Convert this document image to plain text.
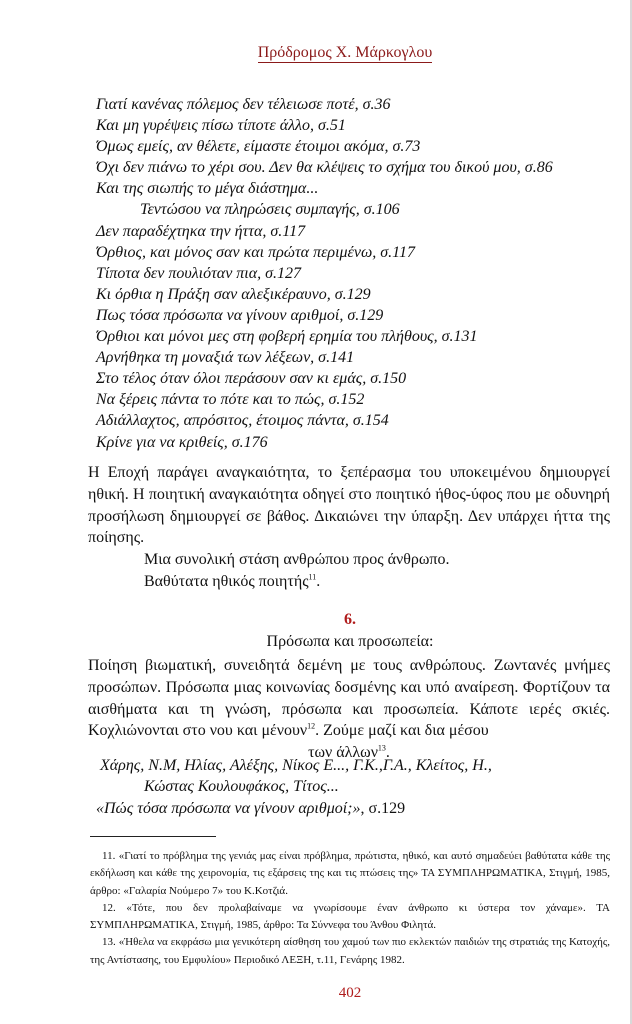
Πρόδρομος Χ. Μάρκογλου
Γιατί κανένας πόλεμος δεν τέλειωσε ποτέ, σ.36
Και μη γυρέψεις πίσω τίποτε άλλο, σ.51
Όμως εμείς, αν θέλετε, είμαστε έτοιμοι ακόμα, σ.73
Όχι δεν πιάνω το χέρι σου. Δεν θα κλέψεις το σχήμα του δικού μου, σ.86
Και της σιωπής το μέγα διάστημα...
Τεντώσου να πληρώσεις συμπαγής, σ.106
Δεν παραδέχτηκα την ήττα, σ.117
Όρθιος, και μόνος σαν και πρώτα περιμένω, σ.117
Τίποτα δεν πουλιόταν πια, σ.127
Κι όρθια η Πράξη σαν αλεξικέραυνο, σ.129
Πως τόσα πρόσωπα να γίνουν αριθμοί, σ.129
Όρθιοι και μόνοι μες στη φοβερή ερημία του πλήθους, σ.131
Αρνήθηκα τη μοναξιά των λέξεων, σ.141
Στο τέλος όταν όλοι περάσουν σαν κι εμάς, σ.150
Να ξέρεις πάντα το πότε και το πώς, σ.152
Αδιάλλαχτος, απρόσιτος, έτοιμος πάντα, σ.154
Κρίνε για να κριθείς, σ.176
Η Εποχή παράγει αναγκαιότητα, το ξεπέρασμα του υποκειμένου δημιουργεί ηθική. Η ποιητική αναγκαιότητα οδηγεί στο ποιητικό ήθος-ύφος που με οδυνηρή προσήλωση δημιουργεί σε βάθος. Δικαιώνει την ύπαρξη. Δεν υπάρχει ήττα της ποίησης.
Μια συνολική στάση ανθρώπου προς άνθρωπο.
Βαθύτατα ηθικός ποιητής$^{11}$.
6.
Πρόσωπα και προσωπεία:
Ποίηση βιωματική, συνειδητά δεμένη με τους ανθρώπους. Ζωντανές μνήμες προσώπων. Πρόσωπα μιας κοινωνίας δοσμένης και υπό αναίρεση. Φορτίζουν τα αισθήματα και τη γνώση, πρόσωπα και προσωπεία. Κάποτε ιερές σκιές. Κοχλιώνονται στο νου και μένουν$^{12}$. Ζούμε μαζί και δια μέσου
των άλλων$^{13}$.
Χάρης, Ν.Μ, Ηλίας, Αλέξης, Νίκος Ε..., Γ.Κ.,Γ.Α., Κλείτος, Η.,
Κώστας Κουλουφάκος, Τίτος...
«Πώς τόσα πρόσωπα να γίνουν αριθμοί;», σ.129
11. «Γιατί το πρόβλημα της γενιάς μας είναι πρόβλημα, πρώτιστα, ηθικό, και αυτό σημαδεύει βαθύτατα κάθε της εκδήλωση και κάθε της χειρονομία, τις εξάρσεις της και τις πτώσεις της» ΤΑ ΣΥΜΠΛΗΡΩΜΑΤΙΚΑ, Στιγμή, 1985, άρθρο: «Γαλαρία Νούμερο 7» του Κ.Κοτζιά.
12. «Τότε, που δεν προλαβαίναμε να γνωρίσουμε έναν άνθρωπο κι ύστερα τον χάναμε». ΤΑ ΣΥΜΠΛΗΡΩΜΑΤΙΚΑ, Στιγμή, 1985, άρθρο: Τα Σύννεφα του Άνθου Φιλητά.
13. «Ήθελα να εκφράσω μια γενικότερη αίσθηση του χαμού των πιο εκλεκτών παιδιών της στρατιάς της Κατοχής, της Αντίστασης, του Εμφυλίου» Περιοδικό ΛΕΞΗ, τ.11, Γενάρης 1982.
402
